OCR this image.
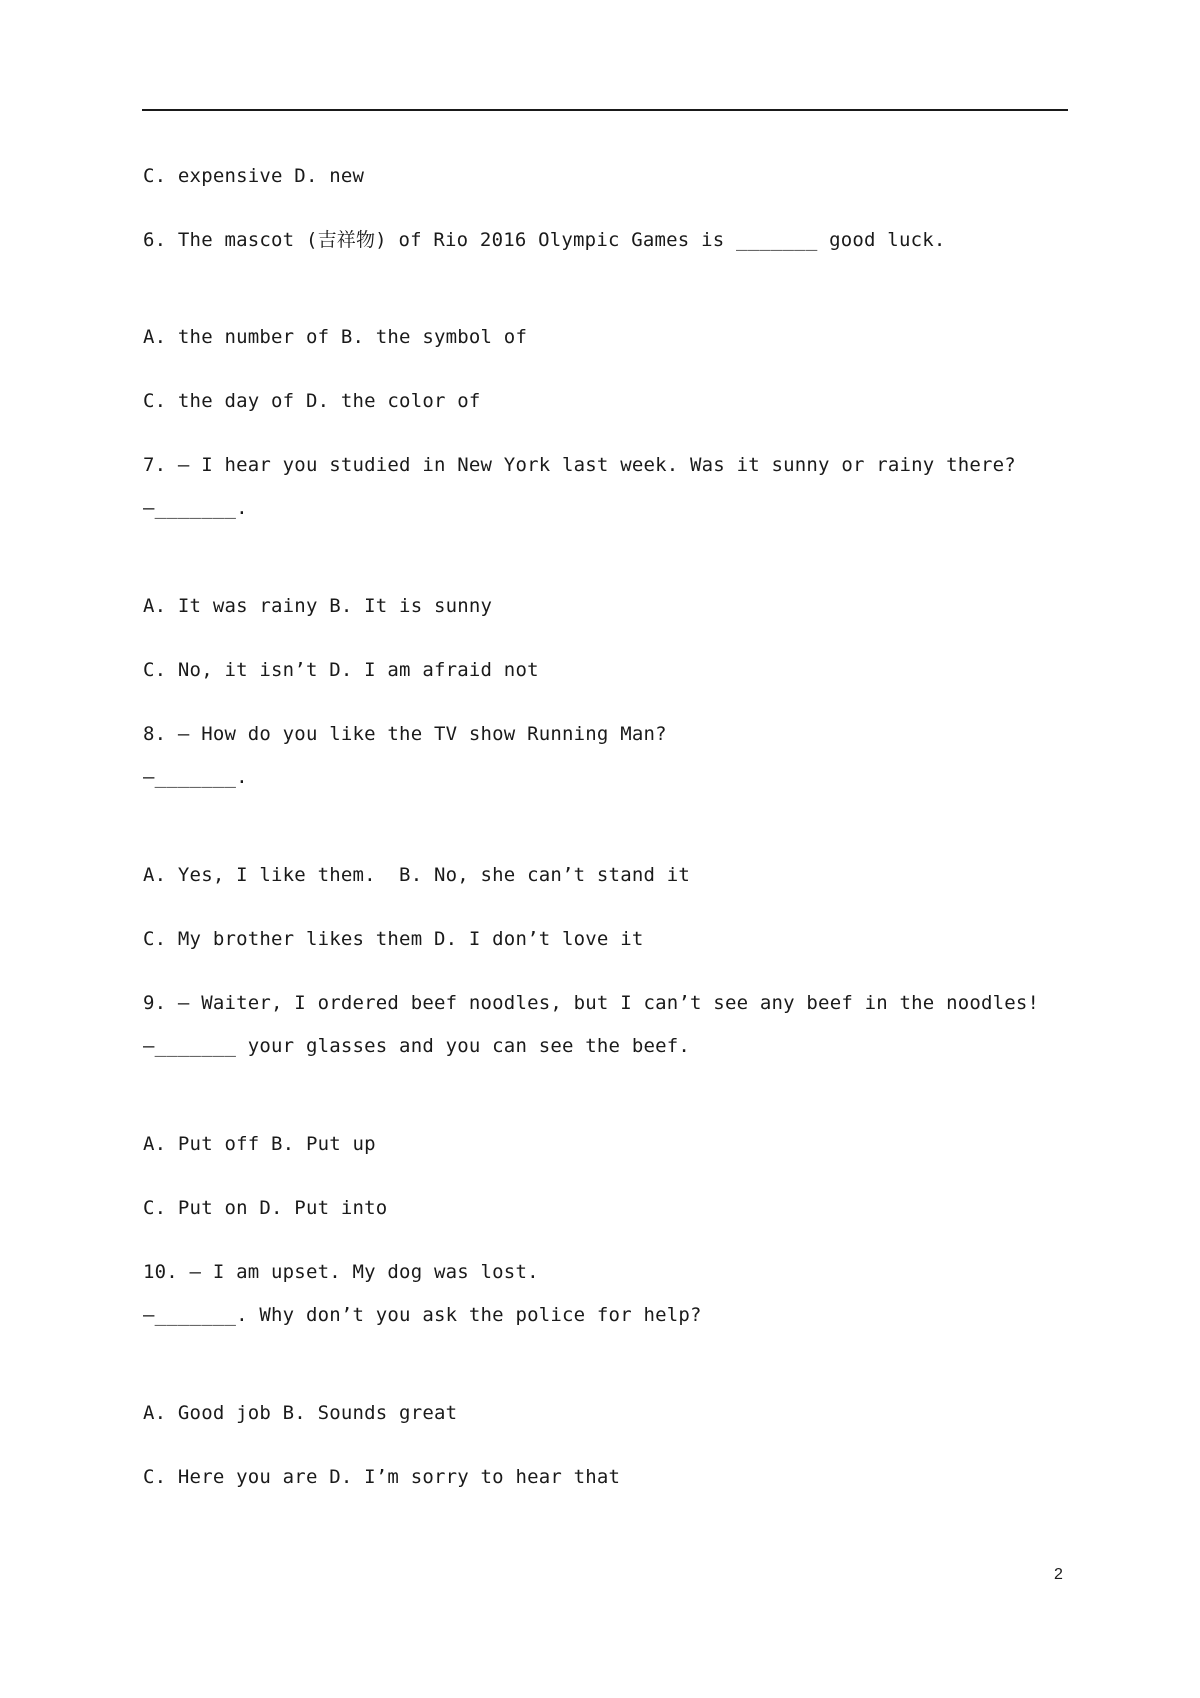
C. expensive D. new
6. The mascot (吉祥物) of Rio 2016 Olympic Games is _______ good luck.
A. the number of B. the symbol of
C. the day of D. the color of
7. — I hear you studied in New York last week. Was it sunny or rainy there?
—_______.
A. It was rainy B. It is sunny
C. No, it isn’t D. I am afraid not
8. — How do you like the TV show Running Man?
—_______.
A. Yes, I like them.  B. No, she can’t stand it
C. My brother likes them D. I don’t love it
9. — Waiter, I ordered beef noodles, but I can’t see any beef in the noodles!
—_______ your glasses and you can see the beef.
A. Put off B. Put up
C. Put on D. Put into
10. — I am upset. My dog was lost.
—_______. Why don’t you ask the police for help?
A. Good job B. Sounds great
C. Here you are D. I’m sorry to hear that
2
